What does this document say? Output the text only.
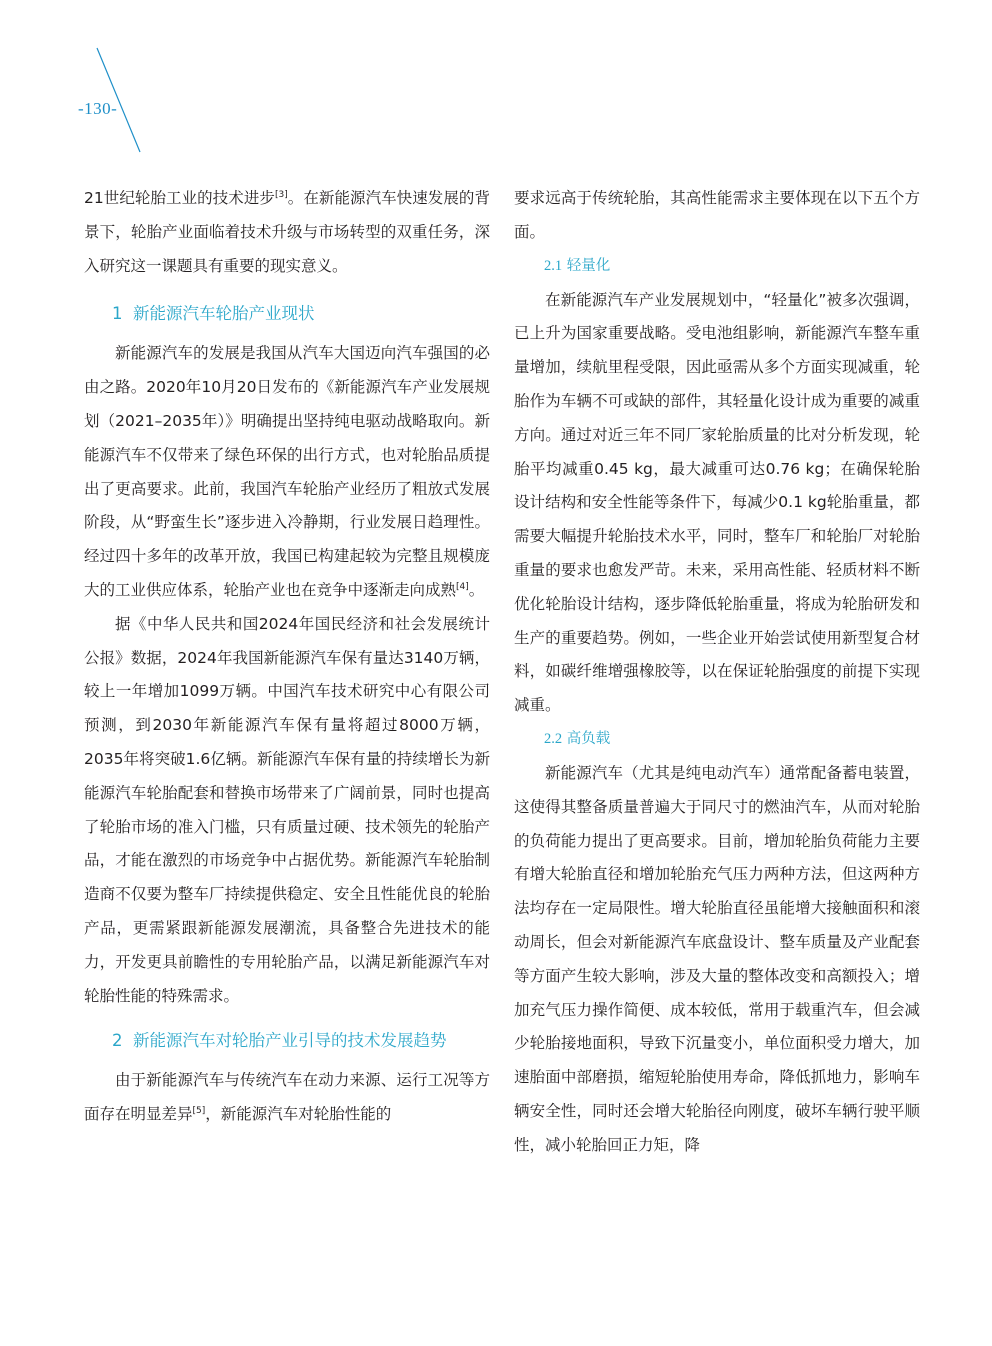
-130-

21世纪轮胎工业的技术进步[3]。在新能源汽车快速发展的背景下，轮胎产业面临着技术升级与市场转型的双重任务，深入研究这一课题具有重要的现实意义。

1 新能源汽车轮胎产业现状

新能源汽车的发展是我国从汽车大国迈向汽车强国的必由之路。2020年10月20日发布的《新能源汽车产业发展规划（2021–2035年）》明确提出坚持纯电驱动战略取向。新能源汽车不仅带来了绿色环保的出行方式，也对轮胎品质提出了更高要求。此前，我国汽车轮胎产业经历了粗放式发展阶段，从“野蛮生长”逐步进入冷静期，行业发展日趋理性。经过四十多年的改革开放，我国已构建起较为完整且规模庞大的工业供应体系，轮胎产业也在竞争中逐渐走向成熟[4]。

据《中华人民共和国2024年国民经济和社会发展统计公报》数据，2024年我国新能源汽车保有量达3140万辆，较上一年增加1099万辆。中国汽车技术研究中心有限公司预测，到2030年新能源汽车保有量将超过8000万辆，2035年将突破1.6亿辆。新能源汽车保有量的持续增长为新能源汽车轮胎配套和替换市场带来了广阔前景，同时也提高了轮胎市场的准入门槛，只有质量过硬、技术领先的轮胎产品，才能在激烈的市场竞争中占据优势。新能源汽车轮胎制造商不仅要为整车厂持续提供稳定、安全且性能优良的轮胎产品，更需紧跟新能源发展潮流，具备整合先进技术的能力，开发更具前瞻性的专用轮胎产品，以满足新能源汽车对轮胎性能的特殊需求。

2 新能源汽车对轮胎产业引导的技术发展趋势

由于新能源汽车与传统汽车在动力来源、运行工况等方面存在明显差异[5]，新能源汽车对轮胎性能的

要求远高于传统轮胎，其高性能需求主要体现在以下五个方面。

2.1 轻量化

在新能源汽车产业发展规划中，“轻量化”被多次强调，已上升为国家重要战略。受电池组影响，新能源汽车整车重量增加，续航里程受限，因此亟需从多个方面实现减重，轮胎作为车辆不可或缺的部件，其轻量化设计成为重要的减重方向。通过对近三年不同厂家轮胎质量的比对分析发现，轮胎平均减重0.45 kg，最大减重可达0.76 kg；在确保轮胎设计结构和安全性能等条件下，每减少0.1 kg轮胎重量，都需要大幅提升轮胎技术水平，同时，整车厂和轮胎厂对轮胎重量的要求也愈发严苛。未来，采用高性能、轻质材料不断优化轮胎设计结构，逐步降低轮胎重量，将成为轮胎研发和生产的重要趋势。例如，一些企业开始尝试使用新型复合材料，如碳纤维增强橡胶等，以在保证轮胎强度的前提下实现减重。

2.2 高负载

新能源汽车（尤其是纯电动汽车）通常配备蓄电装置，这使得其整备质量普遍大于同尺寸的燃油汽车，从而对轮胎的负荷能力提出了更高要求。目前，增加轮胎负荷能力主要有增大轮胎直径和增加轮胎充气压力两种方法，但这两种方法均存在一定局限性。增大轮胎直径虽能增大接触面积和滚动周长，但会对新能源汽车底盘设计、整车质量及产业配套等方面产生较大影响，涉及大量的整体改变和高额投入；增加充气压力操作简便、成本较低，常用于载重汽车，但会减少轮胎接地面积，导致下沉量变小，单位面积受力增大，加速胎面中部磨损，缩短轮胎使用寿命，降低抓地力，影响车辆安全性，同时还会增大轮胎径向刚度，破坏车辆行驶平顺性，减小轮胎回正力矩，降
